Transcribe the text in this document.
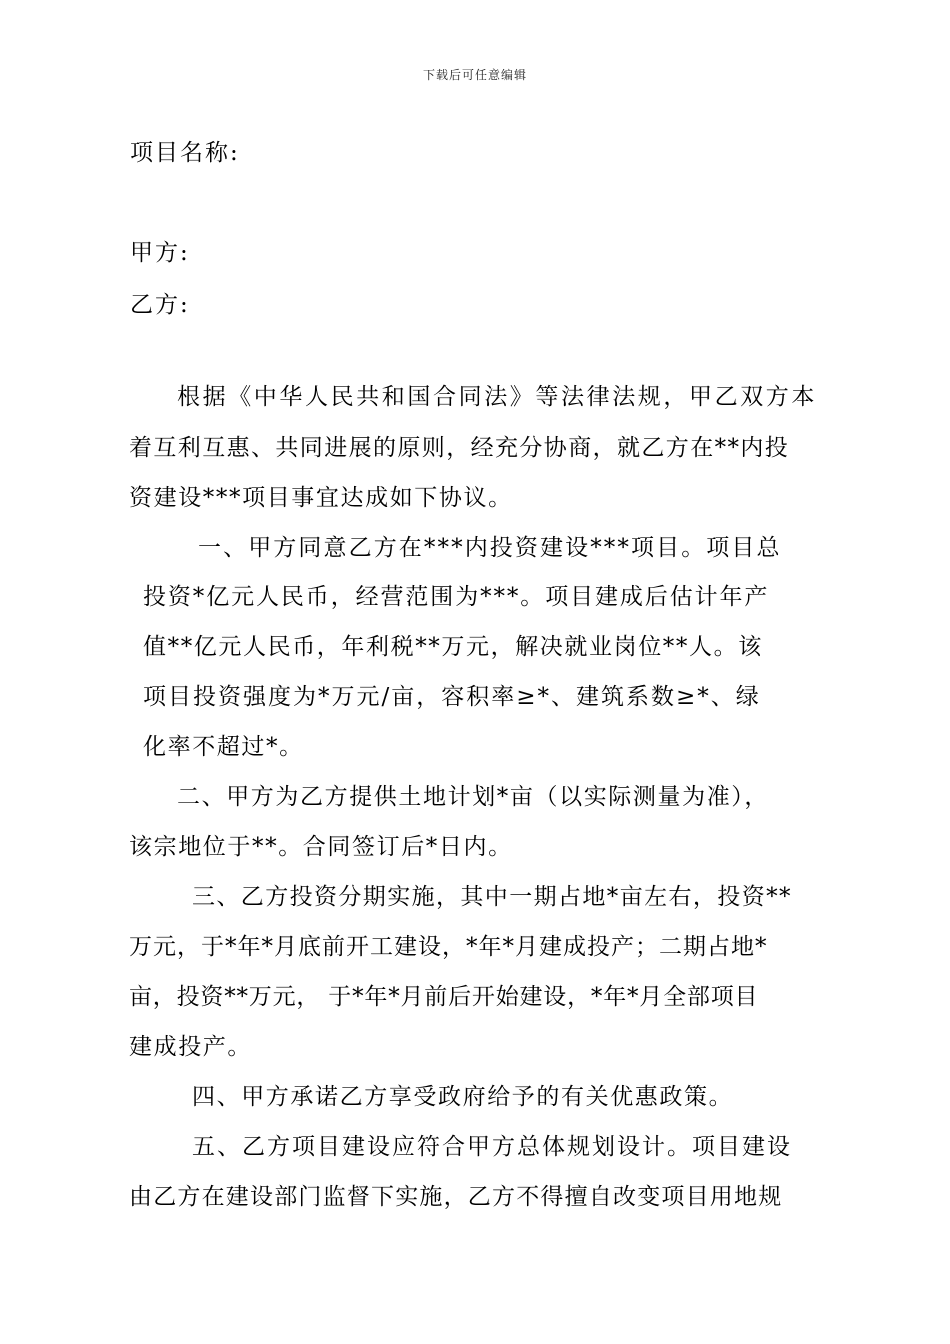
下载后可任意编辑
项目名称:
甲方:
乙方:
根据《中华人民共和国合同法》等法律法规，甲乙双方本
着互利互惠、共同进展的原则，经充分协商，就乙方在**内投
资建设***项目事宜达成如下协议。
一、甲方同意乙方在***内投资建设***项目。项目总
投资*亿元人民币，经营范围为***。项目建成后估计年产
值**亿元人民币，年利税**万元，解决就业岗位**人。该
项目投资强度为*万元/亩，容积率≥*、建筑系数≥*、绿
化率不超过*。
二、甲方为乙方提供土地计划*亩（以实际测量为准），
该宗地位于**。合同签订后*日内。
三、乙方投资分期实施，其中一期占地*亩左右，投资**
万元，于*年*月底前开工建设，*年*月建成投产；二期占地*
亩，投资**万元， 于*年*月前后开始建设，*年*月全部项目
建成投产。
四、甲方承诺乙方享受政府给予的有关优惠政策。
五、乙方项目建设应符合甲方总体规划设计。项目建设
由乙方在建设部门监督下实施，乙方不得擅自改变项目用地规
